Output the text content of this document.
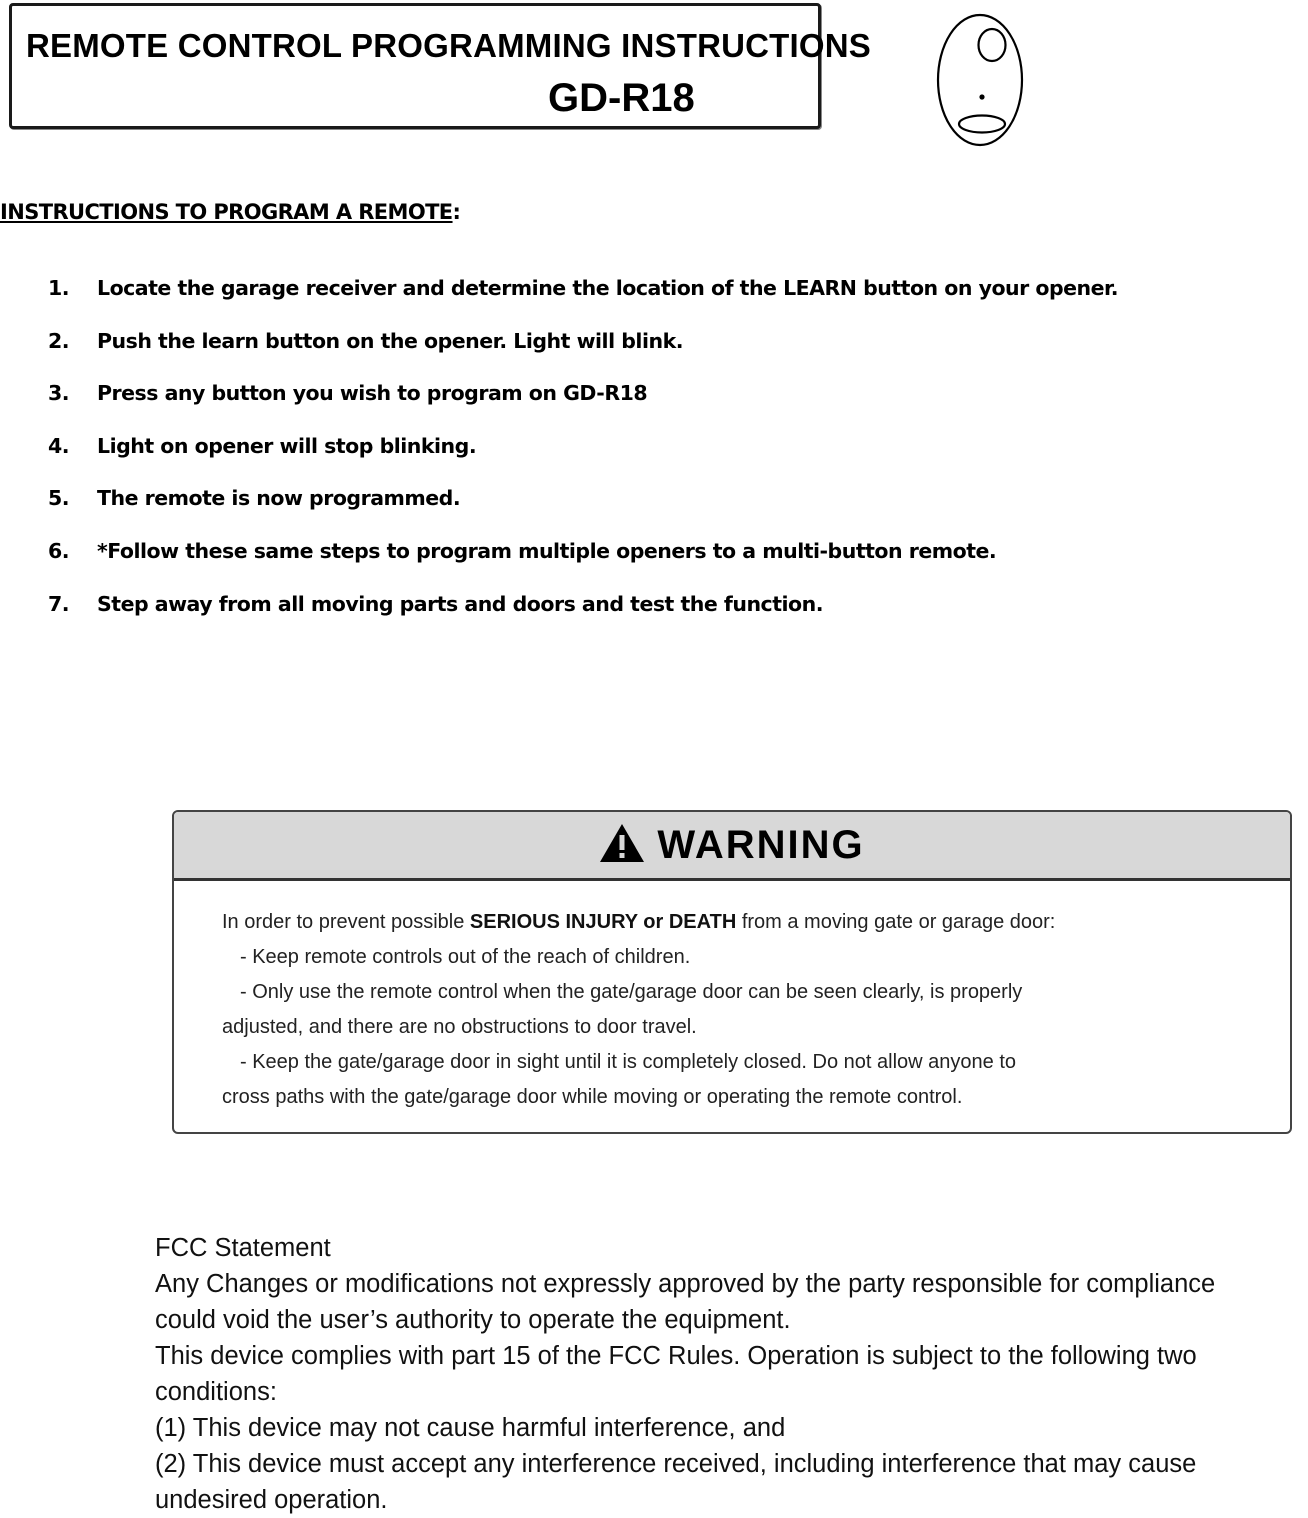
REMOTE CONTROL PROGRAMMING INSTRUCTIONS
GD-R18
INSTRUCTIONS TO PROGRAM A REMOTE:
1. Locate the garage receiver and determine the location of the LEARN button on your opener.
2. Push the learn button on the opener. Light will blink.
3. Press any button you wish to program on GD-R18
4. Light on opener will stop blinking.
5. The remote is now programmed.
6. *Follow these same steps to program multiple openers to a multi-button remote.
7. Step away from all moving parts and doors and test the function.
WARNING
In order to prevent possible SERIOUS INJURY or DEATH from a moving gate or garage door:
- Keep remote controls out of the reach of children.
- Only use the remote control when the gate/garage door can be seen clearly, is properly
adjusted, and there are no obstructions to door travel.
- Keep the gate/garage door in sight until it is completely closed. Do not allow anyone to
cross paths with the gate/garage door while moving or operating the remote control.
FCC Statement
Any Changes or modifications not expressly approved by the party responsible for compliance
could void the user’s authority to operate the equipment.
This device complies with part 15 of the FCC Rules. Operation is subject to the following two
conditions:
(1) This device may not cause harmful interference, and
(2) This device must accept any interference received, including interference that may cause
undesired operation.
